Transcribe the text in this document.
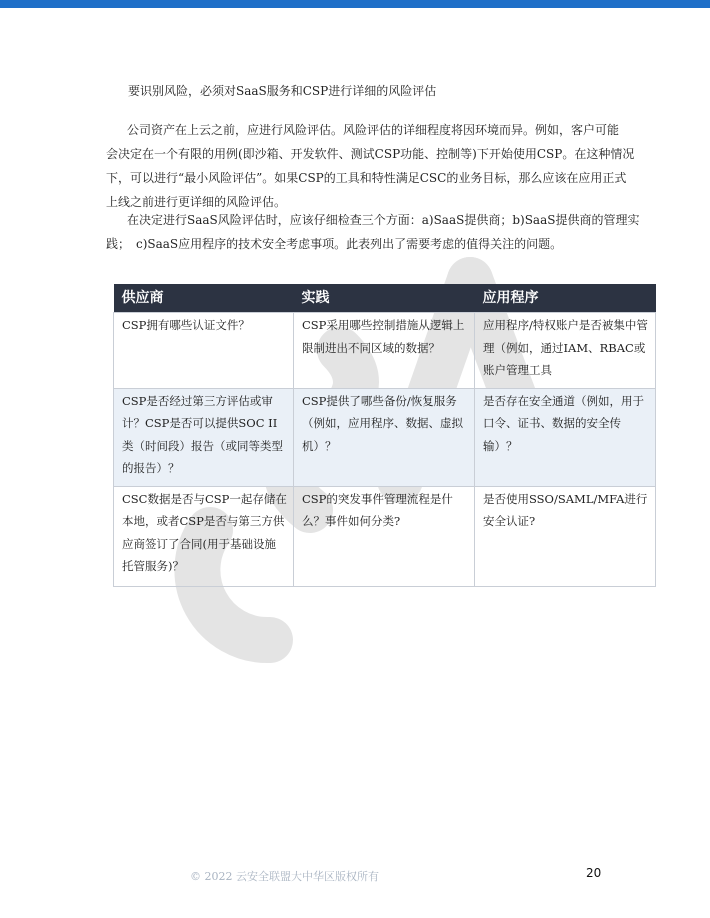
要识别风险，必须对SaaS服务和CSP进行详细的风险评估
公司资产在上云之前，应进行风险评估。风险评估的详细程度将因环境而异。例如，客户可能
会决定在一个有限的用例(即沙箱、开发软件、测试CSP功能、控制等)下开始使用CSP。在这种情况
下，可以进行“最小风险评估”。如果CSP的工具和特性满足CSC的业务目标，那么应该在应用正式
上线之前进行更详细的风险评估。
在决定进行SaaS风险评估时，应该仔细检查三个方面：a)SaaS提供商；b)SaaS提供商的管理实
践；　c)SaaS应用程序的技术安全考虑事项。此表列出了需要考虑的值得关注的问题。
供应商	实践	应用程序
CSP拥有哪些认证文件？	CSP采用哪些控制措施从逻辑上限制进出不同区域的数据？	应用程序/特权账户是否被集中管理（例如，通过IAM、RBAC或账户管理工具
CSP是否经过第三方评估或审计？CSP是否可以提供SOC II类（时间段）报告（或同等类型的报告）？	CSP提供了哪些备份/恢复服务（例如，应用程序、数据、虚拟机）？	是否存在安全通道（例如，用于口令、证书、数据的安全传输）？
CSC数据是否与CSP一起存储在本地，或者CSP是否与第三方供应商签订了合同(用于基础设施托管服务)？	CSP的突发事件管理流程是什么？事件如何分类?	是否使用SSO/SAML/MFA进行安全认证?
© 2022 云安全联盟大中华区版权所有	20
